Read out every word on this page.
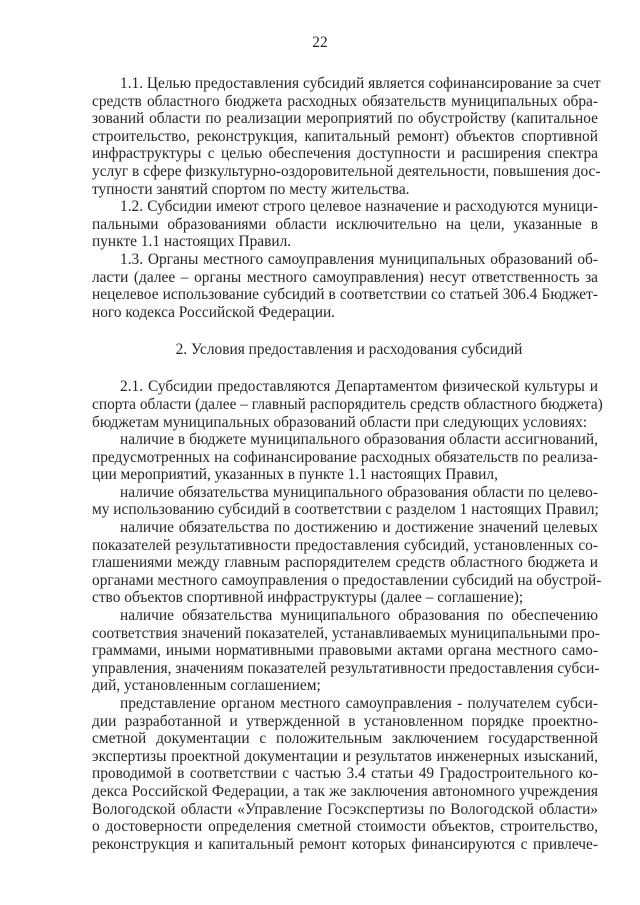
22
1.1. Целью предоставления субсидий является софинансирование за счет
средств областного бюджета расходных обязательств муниципальных обра-
зований области по реализации мероприятий по обустройству (капитальное
строительство, реконструкция, капитальный ремонт) объектов спортивной
инфраструктуры с целью обеспечения доступности и расширения спектра
услуг в сфере физкультурно-оздоровительной деятельности, повышения дос-
тупности занятий спортом по месту жительства.
1.2. Субсидии имеют строго целевое назначение и расходуются муници-
пальными образованиями области исключительно на цели, указанные в
пункте 1.1 настоящих Правил.
1.3. Органы местного самоуправления муниципальных образований об-
ласти (далее – органы местного самоуправления) несут ответственность за
нецелевое использование субсидий в соответствии со статьей 306.4 Бюджет-
ного кодекса Российской Федерации.
2. Условия предоставления и расходования субсидий
2.1. Субсидии предоставляются Департаментом физической культуры и
спорта области (далее – главный распорядитель средств областного бюджета)
бюджетам муниципальных образований области при следующих условиях:
наличие в бюджете муниципального образования области ассигнований,
предусмотренных на софинансирование расходных обязательств по реализа-
ции мероприятий, указанных в пункте 1.1 настоящих Правил,
наличие обязательства муниципального образования области по целево-
му использованию субсидий в соответствии с разделом 1 настоящих Правил;
наличие обязательства по достижению и достижение значений целевых
показателей результативности предоставления субсидий, установленных со-
глашениями между главным распорядителем средств областного бюджета и
органами местного самоуправления о предоставлении субсидий на обустрой-
ство объектов спортивной инфраструктуры (далее – соглашение);
наличие обязательства муниципального образования по обеспечению
соответствия значений показателей, устанавливаемых муниципальными про-
граммами, иными нормативными правовыми актами органа местного само-
управления, значениям показателей результативности предоставления субси-
дий, установленным соглашением;
представление органом местного самоуправления - получателем субси-
дии разработанной и утвержденной в установленном порядке проектно-
сметной документации с положительным заключением государственной
экспертизы проектной документации и результатов инженерных изысканий,
проводимой в соответствии с частью 3.4 статьи 49 Градостроительного ко-
декса Российской Федерации, а так же заключения автономного учреждения
Вологодской области «Управление Госэкспертизы по Вологодской области»
о достоверности определения сметной стоимости объектов, строительство,
реконструкция и капитальный ремонт которых финансируются с привлече-
